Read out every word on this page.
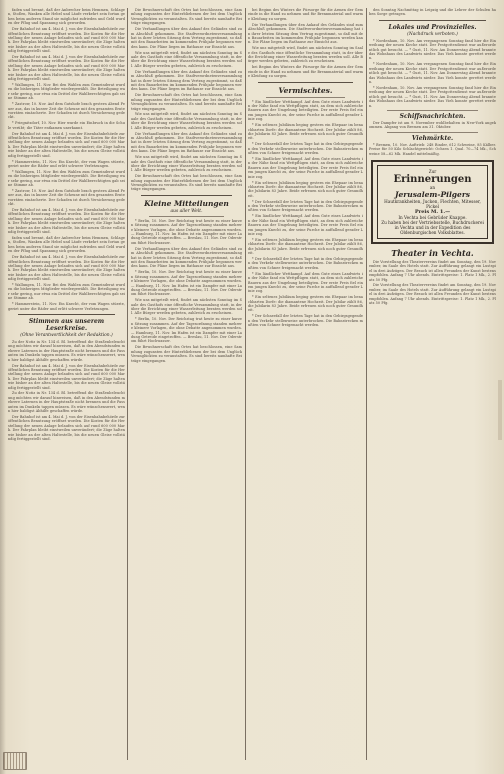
faden und brennt, daß der Anbrecher beim Hemmen, Schlagen, Stoßen, Wanken alle Hebel und Läufe verkehrt sein fortan gehen beim anderen Stand sie möglichst zufrieden und Geld wurden der Pflug und Spannung sich geworden.

Der Bahnhof ist am 4. Mai d. J. von der Eisenbahnbehörde zur öffentlichen Benutzung eröffnet worden. Die Kosten für die Herstellung der neuen Anlage belaufen sich auf rund 600 000 Mark. Der Fahrplan bleibt einstweilen unverändert; die Züge halten wie bisher an der alten Haltestelle, bis die neuen Gleise vollständig fertiggestellt sind.

Der Bahnhof ist am 4. Mai d. J. von der Eisenbahnbehörde zur öffentlichen Benutzung eröffnet worden. Die Kosten für die Herstellung der neuen Anlage belaufen sich auf rund 600 000 Mark. Der Fahrplan bleibt einstweilen unverändert; die Züge halten wie bisher an der alten Haltestelle, bis die neuen Gleise vollständig fertiggestellt sind.

* Wallungen, 11. Nov. Bei den Wahlen zum Gemeinderat wurden die bisherigen Mitglieder wiedergewählt. Die Beteiligung war sehr gering, nur etwa ein Drittel der Wahlberechtigten gab seine Stimme ab.

* Zastrow, 10. Nov. Auf dem Gutshofe brach gestern Abend Feuer aus, das in kurzer Zeit die Scheune mit den gesamten Erntevorräten einäscherte. Der Schaden ist durch Versicherung gedeckt.

* Priegnitzdorf, 10. Nov. Hier wurde ein Einbruch in die Schule verübt; die Täter entkamen unerkannt.

Der Bahnhof ist am 4. Mai d. J. von der Eisenbahnbehörde zur öffentlichen Benutzung eröffnet worden. Die Kosten für die Herstellung der neuen Anlage belaufen sich auf rund 600 000 Mark. Der Fahrplan bleibt einstweilen unverändert; die Züge halten wie bisher an der alten Haltestelle, bis die neuen Gleise vollständig fertiggestellt sind.

* Hammerstein, 11. Nov. Ein Knecht, der vom Wagen stürzte, geriet unter die Räder und erlitt schwere Verletzungen.

* Wallungen, 11. Nov. Bei den Wahlen zum Gemeinderat wurden die bisherigen Mitglieder wiedergewählt. Die Beteiligung war sehr gering, nur etwa ein Drittel der Wahlberechtigten gab seine Stimme ab.

* Zastrow, 10. Nov. Auf dem Gutshofe brach gestern Abend Feuer aus, das in kurzer Zeit die Scheune mit den gesamten Erntevorräten einäscherte. Der Schaden ist durch Versicherung gedeckt.

Der Bahnhof ist am 4. Mai d. J. von der Eisenbahnbehörde zur öffentlichen Benutzung eröffnet worden. Die Kosten für die Herstellung der neuen Anlage belaufen sich auf rund 600 000 Mark. Der Fahrplan bleibt einstweilen unverändert; die Züge halten wie bisher an der alten Haltestelle, bis die neuen Gleise vollständig fertiggestellt sind.

faden und brennt, daß der Anbrecher beim Hemmen, Schlagen, Stoßen, Wanken alle Hebel und Läufe verkehrt sein fortan gehen beim anderen Stand sie möglichst zufrieden und Geld wurden der Pflug und Spannung sich geworden.

Der Bahnhof ist am 4. Mai d. J. von der Eisenbahnbehörde zur öffentlichen Benutzung eröffnet worden. Die Kosten für die Herstellung der neuen Anlage belaufen sich auf rund 600 000 Mark. Der Fahrplan bleibt einstweilen unverändert; die Züge halten wie bisher an der alten Haltestelle, bis die neuen Gleise vollständig fertiggestellt sind.

* Wallungen, 11. Nov. Bei den Wahlen zum Gemeinderat wurden die bisherigen Mitglieder wiedergewählt. Die Beteiligung war sehr gering, nur etwa ein Drittel der Wahlberechtigten gab seine Stimme ab.

* Hammerstein, 11. Nov. Ein Knecht, der vom Wagen stürzte, geriet unter die Räder und erlitt schwere Verletzungen.

Stimmen aus unserem Leserkreise.
(Ohne Verantwortlichkeit der Redaktion.)

Zu der Notiz in Nr. 134 d. Bl. betreffend die Straßenbeleuchtung möchten wir darauf hinweisen, daß in den Abendstunden mehrere Laternen in der Hauptstraße nicht brennen und die Passanten im Dunkeln tappen müssen. Es wäre wünschenswert, wenn hier baldigst Abhilfe geschaffen würde.

Der Bahnhof ist am 4. Mai d. J. von der Eisenbahnbehörde zur öffentlichen Benutzung eröffnet worden. Die Kosten für die Herstellung der neuen Anlage belaufen sich auf rund 600 000 Mark. Der Fahrplan bleibt einstweilen unverändert; die Züge halten wie bisher an der alten Haltestelle, bis die neuen Gleise vollständig fertiggestellt sind.

Zu der Notiz in Nr. 134 d. Bl. betreffend die Straßenbeleuchtung möchten wir darauf hinweisen, daß in den Abendstunden mehrere Laternen in der Hauptstraße nicht brennen und die Passanten im Dunkeln tappen müssen. Es wäre wünschenswert, wenn hier baldigst Abhilfe geschaffen würde.

Der Bahnhof ist am 4. Mai d. J. von der Eisenbahnbehörde zur öffentlichen Benutzung eröffnet worden. Die Kosten für die Herstellung der neuen Anlage belaufen sich auf rund 600 000 Mark. Der Fahrplan bleibt einstweilen unverändert; die Züge halten wie bisher an der alten Haltestelle, bis die neuen Gleise vollständig fertiggestellt sind.

Die Bewohnerschaft des Ortes hat beschlossen, eine Sammlung zugunsten der Hinterbliebenen der bei dem Unglück Verunglückten zu veranstalten. Es sind bereits namhafte Beiträge eingegangen.

Die Verhandlungen über den Ankauf des Geländes sind zum Abschluß gekommen. Die Stadtverordnetenversammlung hat in ihrer letzten Sitzung dem Vertrag zugestimmt, so daß mit den Bauarbeiten im kommenden Frühjahr begonnen werden kann. Die Pläne liegen im Rathause zur Einsicht aus.

Wie uns mitgeteilt wird, findet am nächsten Sonntag im Saale des Gasthofs eine öffentliche Versammlung statt, in der über die Errichtung einer Wasserleitung beraten werden soll. Alle Bürger werden gebeten, zahlreich zu erscheinen.

Die Verhandlungen über den Ankauf des Geländes sind zum Abschluß gekommen. Die Stadtverordnetenversammlung hat in ihrer letzten Sitzung dem Vertrag zugestimmt, so daß mit den Bauarbeiten im kommenden Frühjahr begonnen werden kann. Die Pläne liegen im Rathause zur Einsicht aus.

Die Bewohnerschaft des Ortes hat beschlossen, eine Sammlung zugunsten der Hinterbliebenen der bei dem Unglück Verunglückten zu veranstalten. Es sind bereits namhafte Beiträge eingegangen.

Wie uns mitgeteilt wird, findet am nächsten Sonntag im Saale des Gasthofs eine öffentliche Versammlung statt, in der über die Errichtung einer Wasserleitung beraten werden soll. Alle Bürger werden gebeten, zahlreich zu erscheinen.

Die Verhandlungen über den Ankauf des Geländes sind zum Abschluß gekommen. Die Stadtverordnetenversammlung hat in ihrer letzten Sitzung dem Vertrag zugestimmt, so daß mit den Bauarbeiten im kommenden Frühjahr begonnen werden kann. Die Pläne liegen im Rathause zur Einsicht aus.

Wie uns mitgeteilt wird, findet am nächsten Sonntag im Saale des Gasthofs eine öffentliche Versammlung statt, in der über die Errichtung einer Wasserleitung beraten werden soll. Alle Bürger werden gebeten, zahlreich zu erscheinen.

Die Bewohnerschaft des Ortes hat beschlossen, eine Sammlung zugunsten der Hinterbliebenen der bei dem Unglück Verunglückten zu veranstalten. Es sind bereits namhafte Beiträge eingegangen.

Kleine Mitteilungen
aus aller Welt.

* Berlin, 10. Nov. Der Reichstag trat heute zu einer kurzen Sitzung zusammen. Auf der Tagesordnung standen mehrere kleinere Vorlagen, die ohne Debatte angenommen wurden. — Hamburg, 11. Nov. Im Hafen ist ein Dampfer mit einer Ladung Getreide eingetroffen. — Breslau, 11. Nov. Der Oderstrom führt Hochwasser.

Die Verhandlungen über den Ankauf des Geländes sind zum Abschluß gekommen. Die Stadtverordnetenversammlung hat in ihrer letzten Sitzung dem Vertrag zugestimmt, so daß mit den Bauarbeiten im kommenden Frühjahr begonnen werden kann. Die Pläne liegen im Rathause zur Einsicht aus.

* Berlin, 10. Nov. Der Reichstag trat heute zu einer kurzen Sitzung zusammen. Auf der Tagesordnung standen mehrere kleinere Vorlagen, die ohne Debatte angenommen wurden. — Hamburg, 11. Nov. Im Hafen ist ein Dampfer mit einer Ladung Getreide eingetroffen. — Breslau, 11. Nov. Der Oderstrom führt Hochwasser.

Wie uns mitgeteilt wird, findet am nächsten Sonntag im Saale des Gasthofs eine öffentliche Versammlung statt, in der über die Errichtung einer Wasserleitung beraten werden soll. Alle Bürger werden gebeten, zahlreich zu erscheinen.

* Berlin, 10. Nov. Der Reichstag trat heute zu einer kurzen Sitzung zusammen. Auf der Tagesordnung standen mehrere kleinere Vorlagen, die ohne Debatte angenommen wurden. — Hamburg, 11. Nov. Im Hafen ist ein Dampfer mit einer Ladung Getreide eingetroffen. — Breslau, 11. Nov. Der Oderstrom führt Hochwasser.

Die Bewohnerschaft des Ortes hat beschlossen, eine Sammlung zugunsten der Hinterbliebenen der bei dem Unglück Verunglückten zu veranstalten. Es sind bereits namhafte Beiträge eingegangen.

bei Beginn des Winters die Fürsorge für die Armen der Gemeinde in die Hand zu nehmen und für Brennmaterial und warme Kleidung zu sorgen.

Die Verhandlungen über den Ankauf des Geländes sind zum Abschluß gekommen. Die Stadtverordnetenversammlung hat in ihrer letzten Sitzung dem Vertrag zugestimmt, so daß mit den Bauarbeiten im kommenden Frühjahr begonnen werden kann. Die Pläne liegen im Rathause zur Einsicht aus.

Wie uns mitgeteilt wird, findet am nächsten Sonntag im Saale des Gasthofs eine öffentliche Versammlung statt, in der über die Errichtung einer Wasserleitung beraten werden soll. Alle Bürger werden gebeten, zahlreich zu erscheinen.

bei Beginn des Winters die Fürsorge für die Armen der Gemeinde in die Hand zu nehmen und für Brennmaterial und warme Kleidung zu sorgen.

Vermischtes.

* Ein ländlicher Wettkampf. Auf dem Gute eines Landwirts in der Nähe fand ein Wettpflügen statt, an dem sich zahlreiche Bauern aus der Umgebung beteiligten. Der erste Preis fiel einem jungen Knecht zu, der seine Furche in auffallend gerader Linie zog.

* Ein seltenes Jubiläum beging gestern ein Ehepaar im benachbarten Dorfe: die diamantene Hochzeit. Der Jubilar zählt 86, die Jubilarin 83 Jahre. Beide erfreuen sich noch guter Gesundheit.

* Der Schneefall der letzten Tage hat in den Gebirgsgegenden den Verkehr stellenweise unterbrochen. Die Bahnstrecken mußten von Schnee freigemacht werden.

* Ein ländlicher Wettkampf. Auf dem Gute eines Landwirts in der Nähe fand ein Wettpflügen statt, an dem sich zahlreiche Bauern aus der Umgebung beteiligten. Der erste Preis fiel einem jungen Knecht zu, der seine Furche in auffallend gerader Linie zog.

* Ein seltenes Jubiläum beging gestern ein Ehepaar im benachbarten Dorfe: die diamantene Hochzeit. Der Jubilar zählt 86, die Jubilarin 83 Jahre. Beide erfreuen sich noch guter Gesundheit.

* Der Schneefall der letzten Tage hat in den Gebirgsgegenden den Verkehr stellenweise unterbrochen. Die Bahnstrecken mußten von Schnee freigemacht werden.

* Ein ländlicher Wettkampf. Auf dem Gute eines Landwirts in der Nähe fand ein Wettpflügen statt, an dem sich zahlreiche Bauern aus der Umgebung beteiligten. Der erste Preis fiel einem jungen Knecht zu, der seine Furche in auffallend gerader Linie zog.

* Ein seltenes Jubiläum beging gestern ein Ehepaar im benachbarten Dorfe: die diamantene Hochzeit. Der Jubilar zählt 86, die Jubilarin 83 Jahre. Beide erfreuen sich noch guter Gesundheit.

* Der Schneefall der letzten Tage hat in den Gebirgsgegenden den Verkehr stellenweise unterbrochen. Die Bahnstrecken mußten von Schnee freigemacht werden.

* Ein ländlicher Wettkampf. Auf dem Gute eines Landwirts in der Nähe fand ein Wettpflügen statt, an dem sich zahlreiche Bauern aus der Umgebung beteiligten. Der erste Preis fiel einem jungen Knecht zu, der seine Furche in auffallend gerader Linie zog.

* Ein seltenes Jubiläum beging gestern ein Ehepaar im benachbarten Dorfe: die diamantene Hochzeit. Der Jubilar zählt 86, die Jubilarin 83 Jahre. Beide erfreuen sich noch guter Gesundheit.

* Der Schneefall der letzten Tage hat in den Gebirgsgegenden den Verkehr stellenweise unterbrochen. Die Bahnstrecken mußten von Schnee freigemacht werden.

den Sonntag Nachmittag in Leipzig und die Lehrer der Schulen haben Sorge getragen.

Lokales und Provinzielles.
(Nachdruck verboten.)

* Nordenham, 10. Nov. Am vergangenen Sonntag fand hier die Einweihung der neuen Kirche statt. Der Festgottesdienst war außerordentlich gut besucht. — * Gust, 11. Nov. Am Donnerstag Abend brannte das Wohnhaus des Landwirts nieder. Das Vieh konnte gerettet werden.

* Nordenham, 10. Nov. Am vergangenen Sonntag fand hier die Einweihung der neuen Kirche statt. Der Festgottesdienst war außerordentlich gut besucht. — * Gust, 11. Nov. Am Donnerstag Abend brannte das Wohnhaus des Landwirts nieder. Das Vieh konnte gerettet werden.

* Nordenham, 10. Nov. Am vergangenen Sonntag fand hier die Einweihung der neuen Kirche statt. Der Festgottesdienst war außerordentlich gut besucht. — * Gust, 11. Nov. Am Donnerstag Abend brannte das Wohnhaus des Landwirts nieder. Das Vieh konnte gerettet werden.

Schiffsnachrichten.

Der Dampfer ist am 9. November wohlbehalten in New-York angekommen. Abgang von Bremen am 31. Oktober.

Viehmärkte.

* Bremen, 10. Nov. Auftrieb: 248 Rinder, 612 Schweine, 85 Kälber. Preise für 50 Kilo Schlachtgewicht: Ochsen 1. Qual. 70—74 Mk., Schweine 58—62 Mk. Handel mittelmäßig.

Zur
Erinnerungen
an
Jerusalem-Pilgers
Hautkrankheiten, Jucken, Flechten, Mitesser, Pickel
Preis M. 1.—
In Vechta bei Gebrüder Knappe.
Zu haben bei der Vertriebsstelle, Buchdruckerei in Vechta und in der Expedition des Oldenburgischen Volksblattes.
Theater in Vechta.

Die Vorstellung des Theatervereins findet am Sonntag, den 19. November, im Saale des Hotels statt. Zur Aufführung gelangt ein Lustspiel in drei Aufzügen. Der Besuch ist allen Freunden der Kunst bestens empfohlen. Anfang 7 Uhr abends. Eintrittspreise: 1. Platz 1 Mk., 2. Platz 50 Pfg.

Die Vorstellung des Theatervereins findet am Sonntag, den 19. November, im Saale des Hotels statt. Zur Aufführung gelangt ein Lustspiel in drei Aufzügen. Der Besuch ist allen Freunden der Kunst bestens empfohlen. Anfang 7 Uhr abends. Eintrittspreise: 1. Platz 1 Mk., 2. Platz 50 Pfg.
